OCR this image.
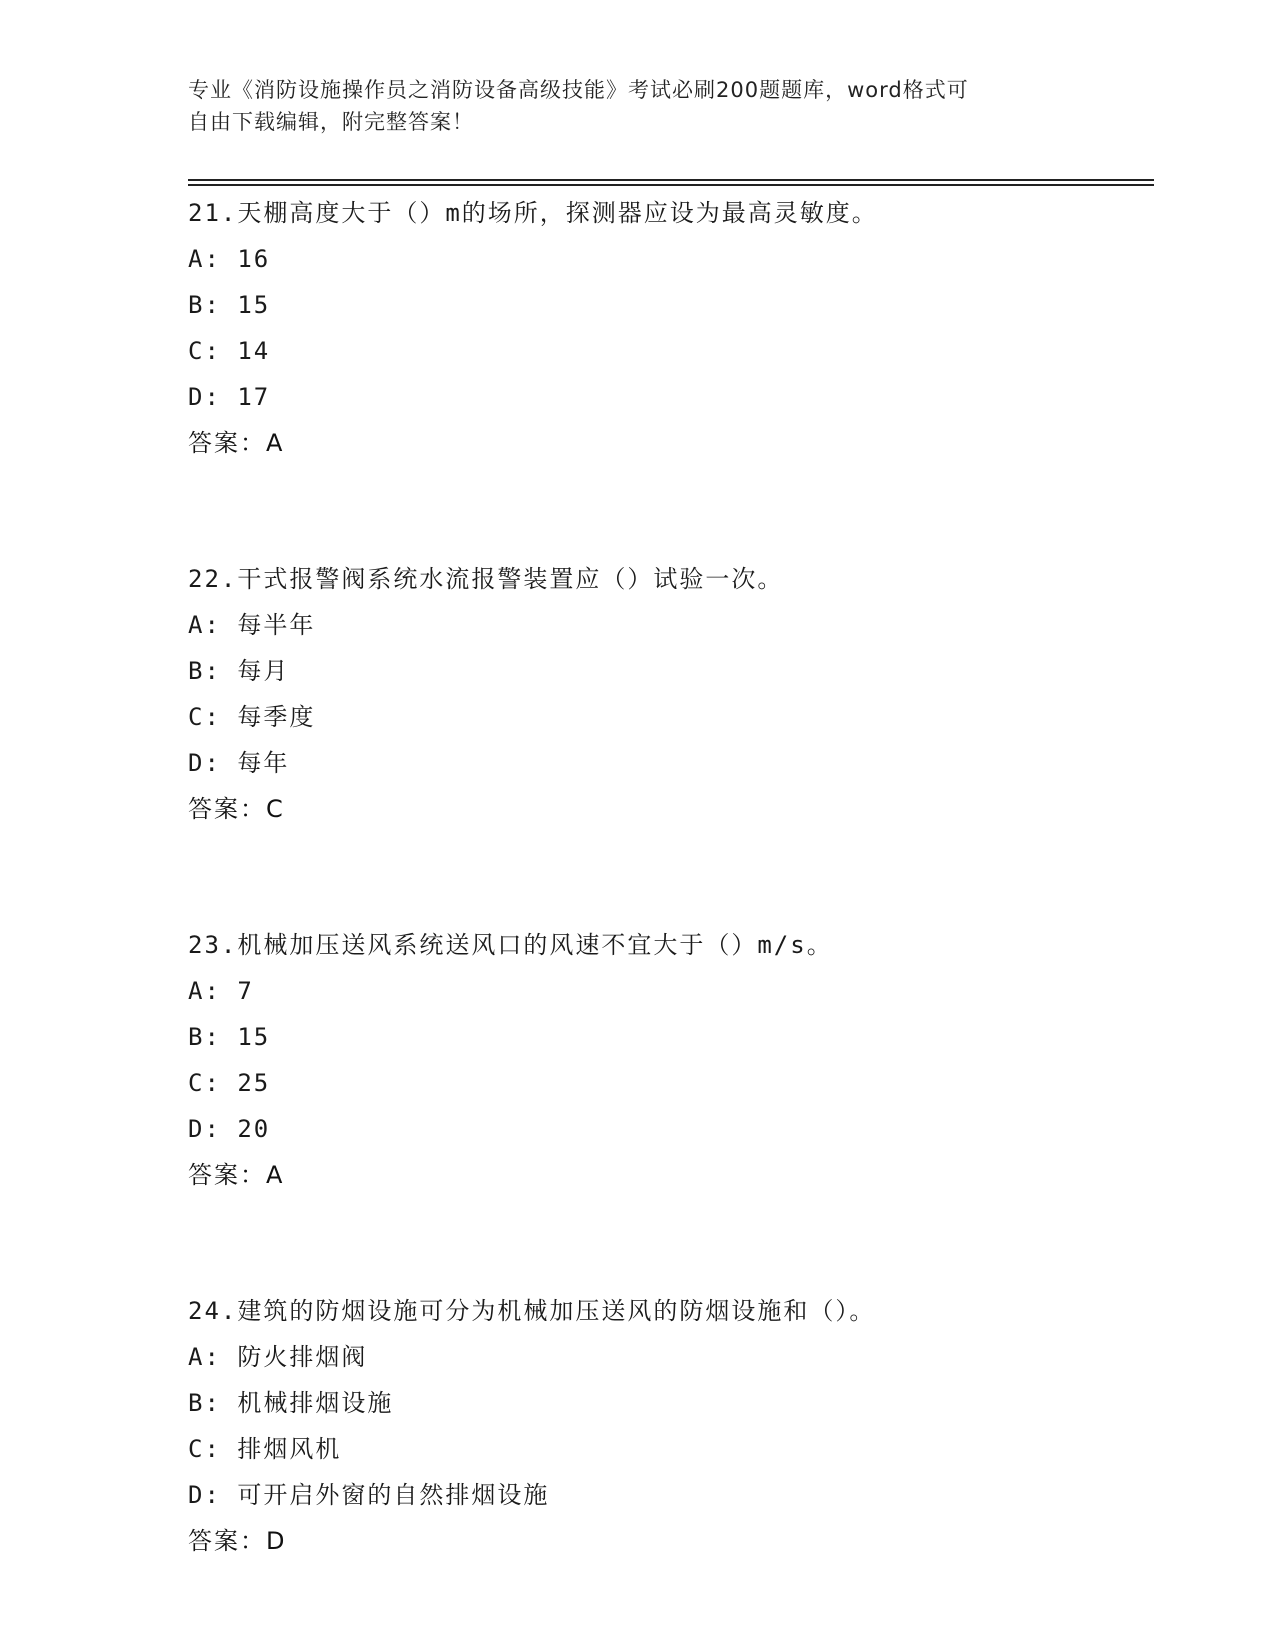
专业《消防设施操作员之消防设备高级技能》考试必刷200题题库，word格式可
自由下载编辑，附完整答案！
21.天棚高度大于（）m的场所，探测器应设为最高灵敏度。
A: 16
B: 15
C: 14
D: 17
答案：A
22.干式报警阀系统水流报警装置应（）试验一次。
A: 每半年
B: 每月
C: 每季度
D: 每年
答案：C
23.机械加压送风系统送风口的风速不宜大于（）m/s。
A: 7
B: 15
C: 25
D: 20
答案：A
24.建筑的防烟设施可分为机械加压送风的防烟设施和（）。
A: 防火排烟阀
B: 机械排烟设施
C: 排烟风机
D: 可开启外窗的自然排烟设施
答案：D
